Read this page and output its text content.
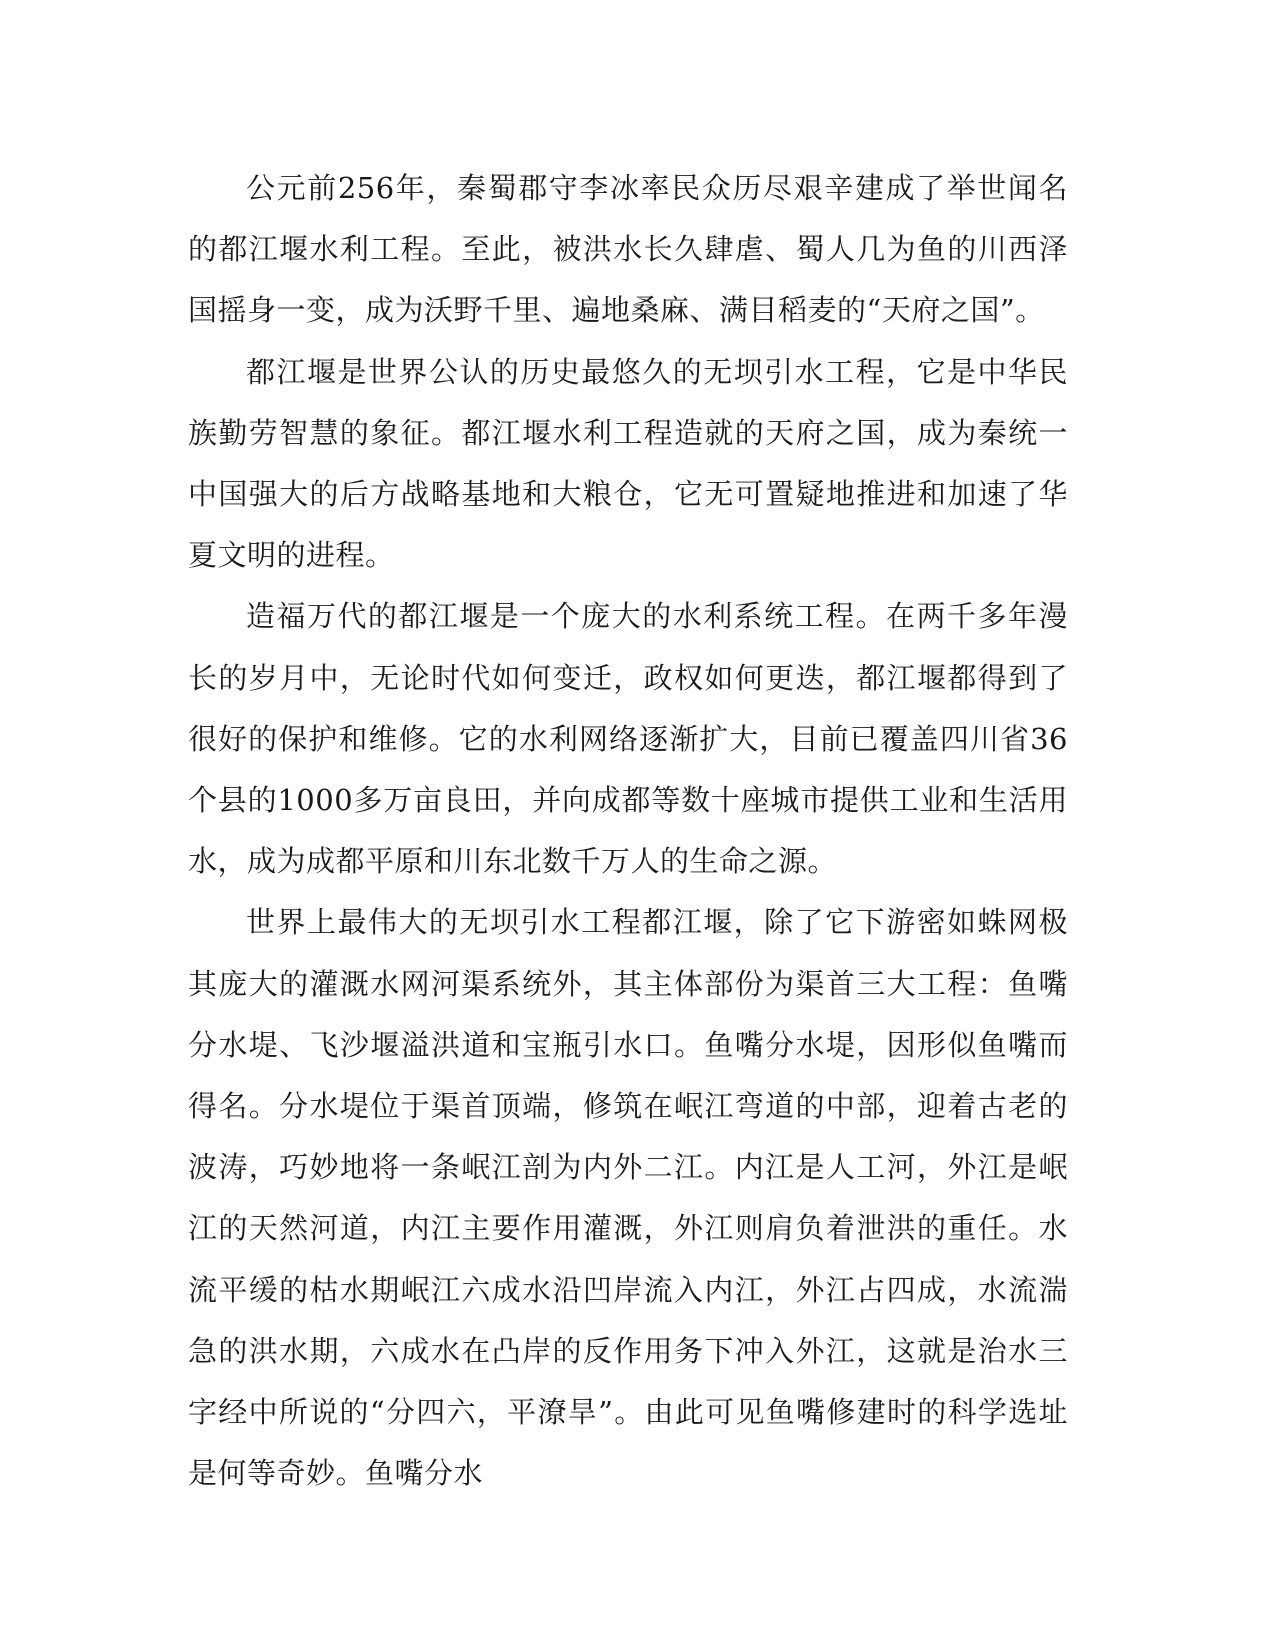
公元前256年，秦蜀郡守李冰率民众历尽艰辛建成了举世闻名的都江堰水利工程。至此，被洪水长久肆虐、蜀人几为鱼的川西泽国摇身一变，成为沃野千里、遍地桑麻、满目稻麦的“天府之国”。

都江堰是世界公认的历史最悠久的无坝引水工程，它是中华民族勤劳智慧的象征。都江堰水利工程造就的天府之国，成为秦统一中国强大的后方战略基地和大粮仓，它无可置疑地推进和加速了华夏文明的进程。

造福万代的都江堰是一个庞大的水利系统工程。在两千多年漫长的岁月中，无论时代如何变迁，政权如何更迭，都江堰都得到了很好的保护和维修。它的水利网络逐渐扩大，目前已覆盖四川省36个县的1000多万亩良田，并向成都等数十座城市提供工业和生活用水，成为成都平原和川东北数千万人的生命之源。

世界上最伟大的无坝引水工程都江堰，除了它下游密如蛛网极其庞大的灌溉水网河渠系统外，其主体部份为渠首三大工程：鱼嘴分水堤、飞沙堰溢洪道和宝瓶引水口。鱼嘴分水堤，因形似鱼嘴而得名。分水堤位于渠首顶端，修筑在岷江弯道的中部，迎着古老的波涛，巧妙地将一条岷江剖为内外二江。内江是人工河，外江是岷江的天然河道，内江主要作用灌溉，外江则肩负着泄洪的重任。水流平缓的枯水期岷江六成水沿凹岸流入内江，外江占四成，水流湍急的洪水期，六成水在凸岸的反作用务下冲入外江，这就是治水三字经中所说的“分四六，平潦旱”。由此可见鱼嘴修建时的科学选址是何等奇妙。鱼嘴分水
